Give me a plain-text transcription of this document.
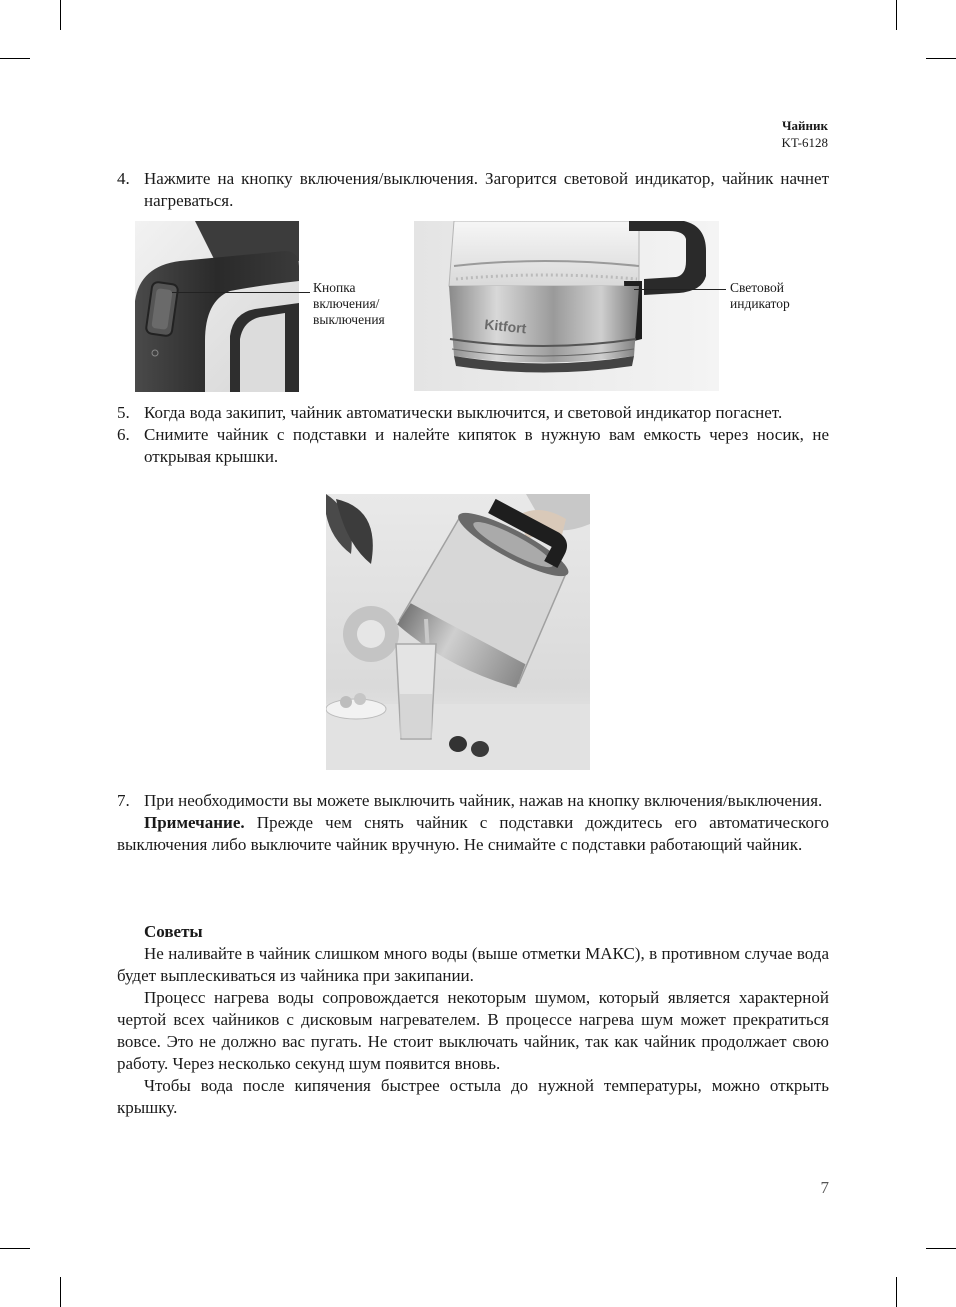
Чайник
KT-6128
4. Нажмите на кнопку включения/выключения. Загорится световой индикатор, чайник начнет нагреваться.
Кнопка
включения/
выключения	Kitfort
Световой
индикатор
5. Когда вода закипит, чайник автоматически выключится, и световой индикатор погаснет.
6. Снимите чайник с подставки и налейте кипяток в нужную вам емкость через носик, не открывая крышки.
7. При необходимости вы можете выключить чайник, нажав на кнопку включения/выключения.
Примечание. Прежде чем снять чайник с подставки дождитесь его автоматического выключения либо выключите чайник вручную. Не снимайте с подставки работающий чайник.
Советы
Не наливайте в чайник слишком много воды (выше отметки МАКС), в противном случае вода будет выплескиваться из чайника при закипании.
Процесс нагрева воды сопровождается некоторым шумом, который является характерной чертой всех чайников с дисковым нагревателем. В процессе нагрева шум может прекратиться вовсе. Это не должно вас пугать. Не стоит выключать чайник, так как чайник продолжает свою работу. Через несколько секунд шум появится вновь.
Чтобы вода после кипячения быстрее остыла до нужной температуры, можно открыть крышку.
7
